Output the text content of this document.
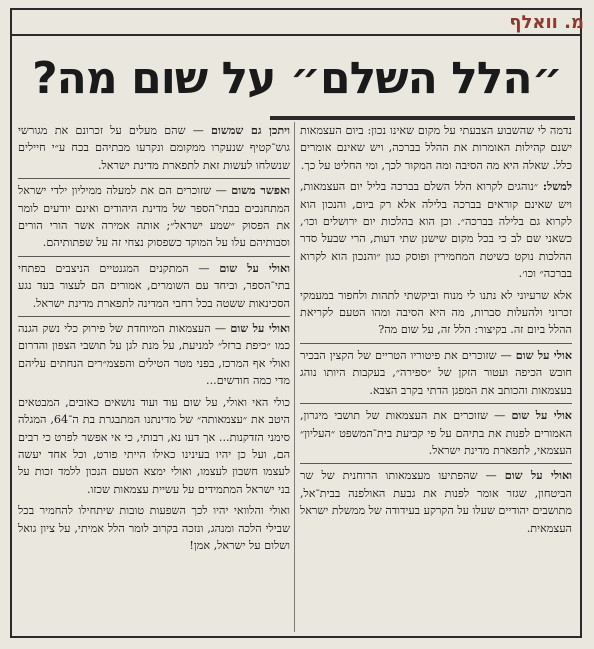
מ. וואלף
״הלל השלם״ על שום מה?

נדמה לי שהשבוע הצבעתי על מקום שאינו נכון: ביום העצמאות ישנם קהילות האומרות את ההלל בברכה, ויש שאינם אומרים כלל. שאלה היא מה הסיבה ומה המקור לכך, ומי החליט על כך.

למשל: ״נוהגים לקרוא הלל השלם בברכה בליל יום העצמאות, ויש שאינם קוראים בברכה בלילה אלא רק ביום, והנכון הוא לקרוא גם בלילה בברכה״. וכן הוא בהלכות יום ירושלים וכו׳, כשאני שם לב כי בכל מקום שישנן שתי דעות, הרי שבעל סדר ההלכות נוקט כשיטת המחמירין ופוסק כגון ״והנכון הוא לקרוא בברכה״ וכו׳.

אלא שרעיוני לא נתנו לי מנוח וביקשתי לתהות ולחפור במעמקי זכרוני ולהעלות סברות, מה היא הסיבה ומהו הטעם לקריאת ההלל ביום זה. בקיצור: הלל זה, על שום מה?

אולי על שום — שזוכרים את פיטוריו הטריים של הקצין הבכיר חובש הכיפה ועטור הזקן של ״ספירה״, בעקבות היותו נוהג בעצמאות והכותב את המפגן הדתי בקרב הצבא.

אולי על שום — שזוכרים את העצמאות של תושבי מיגרון, האמורים לפנות את בתיהם על פי קביעת בית־המשפט ״העליון״ העצמאי, לתפארת מדינת ישראל.

ואולי על שום — שהפתיעו מעצמאותו הרוחנית של שר הביטחון, שגזר אומר לפנות את גבעת האולפנה בבית־אל, מתושבים יהודיים שעלו על הקרקע בעידודה של ממשלת ישראל העצמאית.

ויתכן גם שמשום — שהם מעלים על זכרונם את מגורשי גוש־קטיף שנעקרו ממקומם ונקרעו מבתיהם בכח ע״י חיילים שנשלחו לעשות זאת לתפארת מדינת ישראל.

ואפשר משום — שזוכרים הם את למעלה ממיליון ילדי ישראל המתחנכים בבתי־הספר של מדינת היהודים ואינם יודעים לומר את הפסוק ״שמע ישראל״; אותה אמירה אשר הורי הורים וסבותיהם עלו על המוקד כשפסוק נצחי זה על שפתותיהם.

ואולי על שום — המתקנים המגנטיים הניצבים בפתחי בתי־הספר, וביחד עם השומרים, אמורים הם לעצור בעד נגע הסכינאות ששטה בכל רחבי המדינה לתפארת מדינת ישראל.

ואולי על שום — העצמאות המיוחדת של פירוק כלי נשק הגנה כמו ״כיפת ברזל״ למניעת, על מנת לגן על תושבי הצפון והדרום ואולי אף המרכז, בפני מטר הטילים והפצמ״רים הנחתים עליהם מדי כמה חודשים...

כולי האי ואולי, על שום עוד ועוד נושאים כאובים, המבטאים היטב את ״עצמאותה״ של מדינתנו המתבגרת בת ה־64, המגלה סימני הזדקנות... אך דעו נא, רבותי, כי אי אפשר לפרט כי רבים הם, ועל כן יהיו בעינינו כאילו הייתי פורט, וכל אחד יעשה לעצמו חשבון לעצמו, ואולי ימצא הטעם הנכון ללמד זכות על בני ישראל המתמידים על עשיית עצמאות שכזו.

ואולי והלוואי יהיו לכך השפעות טובות שיתחילו להחמיר בכל שבילי הלכה ומנהג, ונזכה בקרוב לומר הלל אמיתי, על ציון גואל ושלום על ישראל, אמן!
